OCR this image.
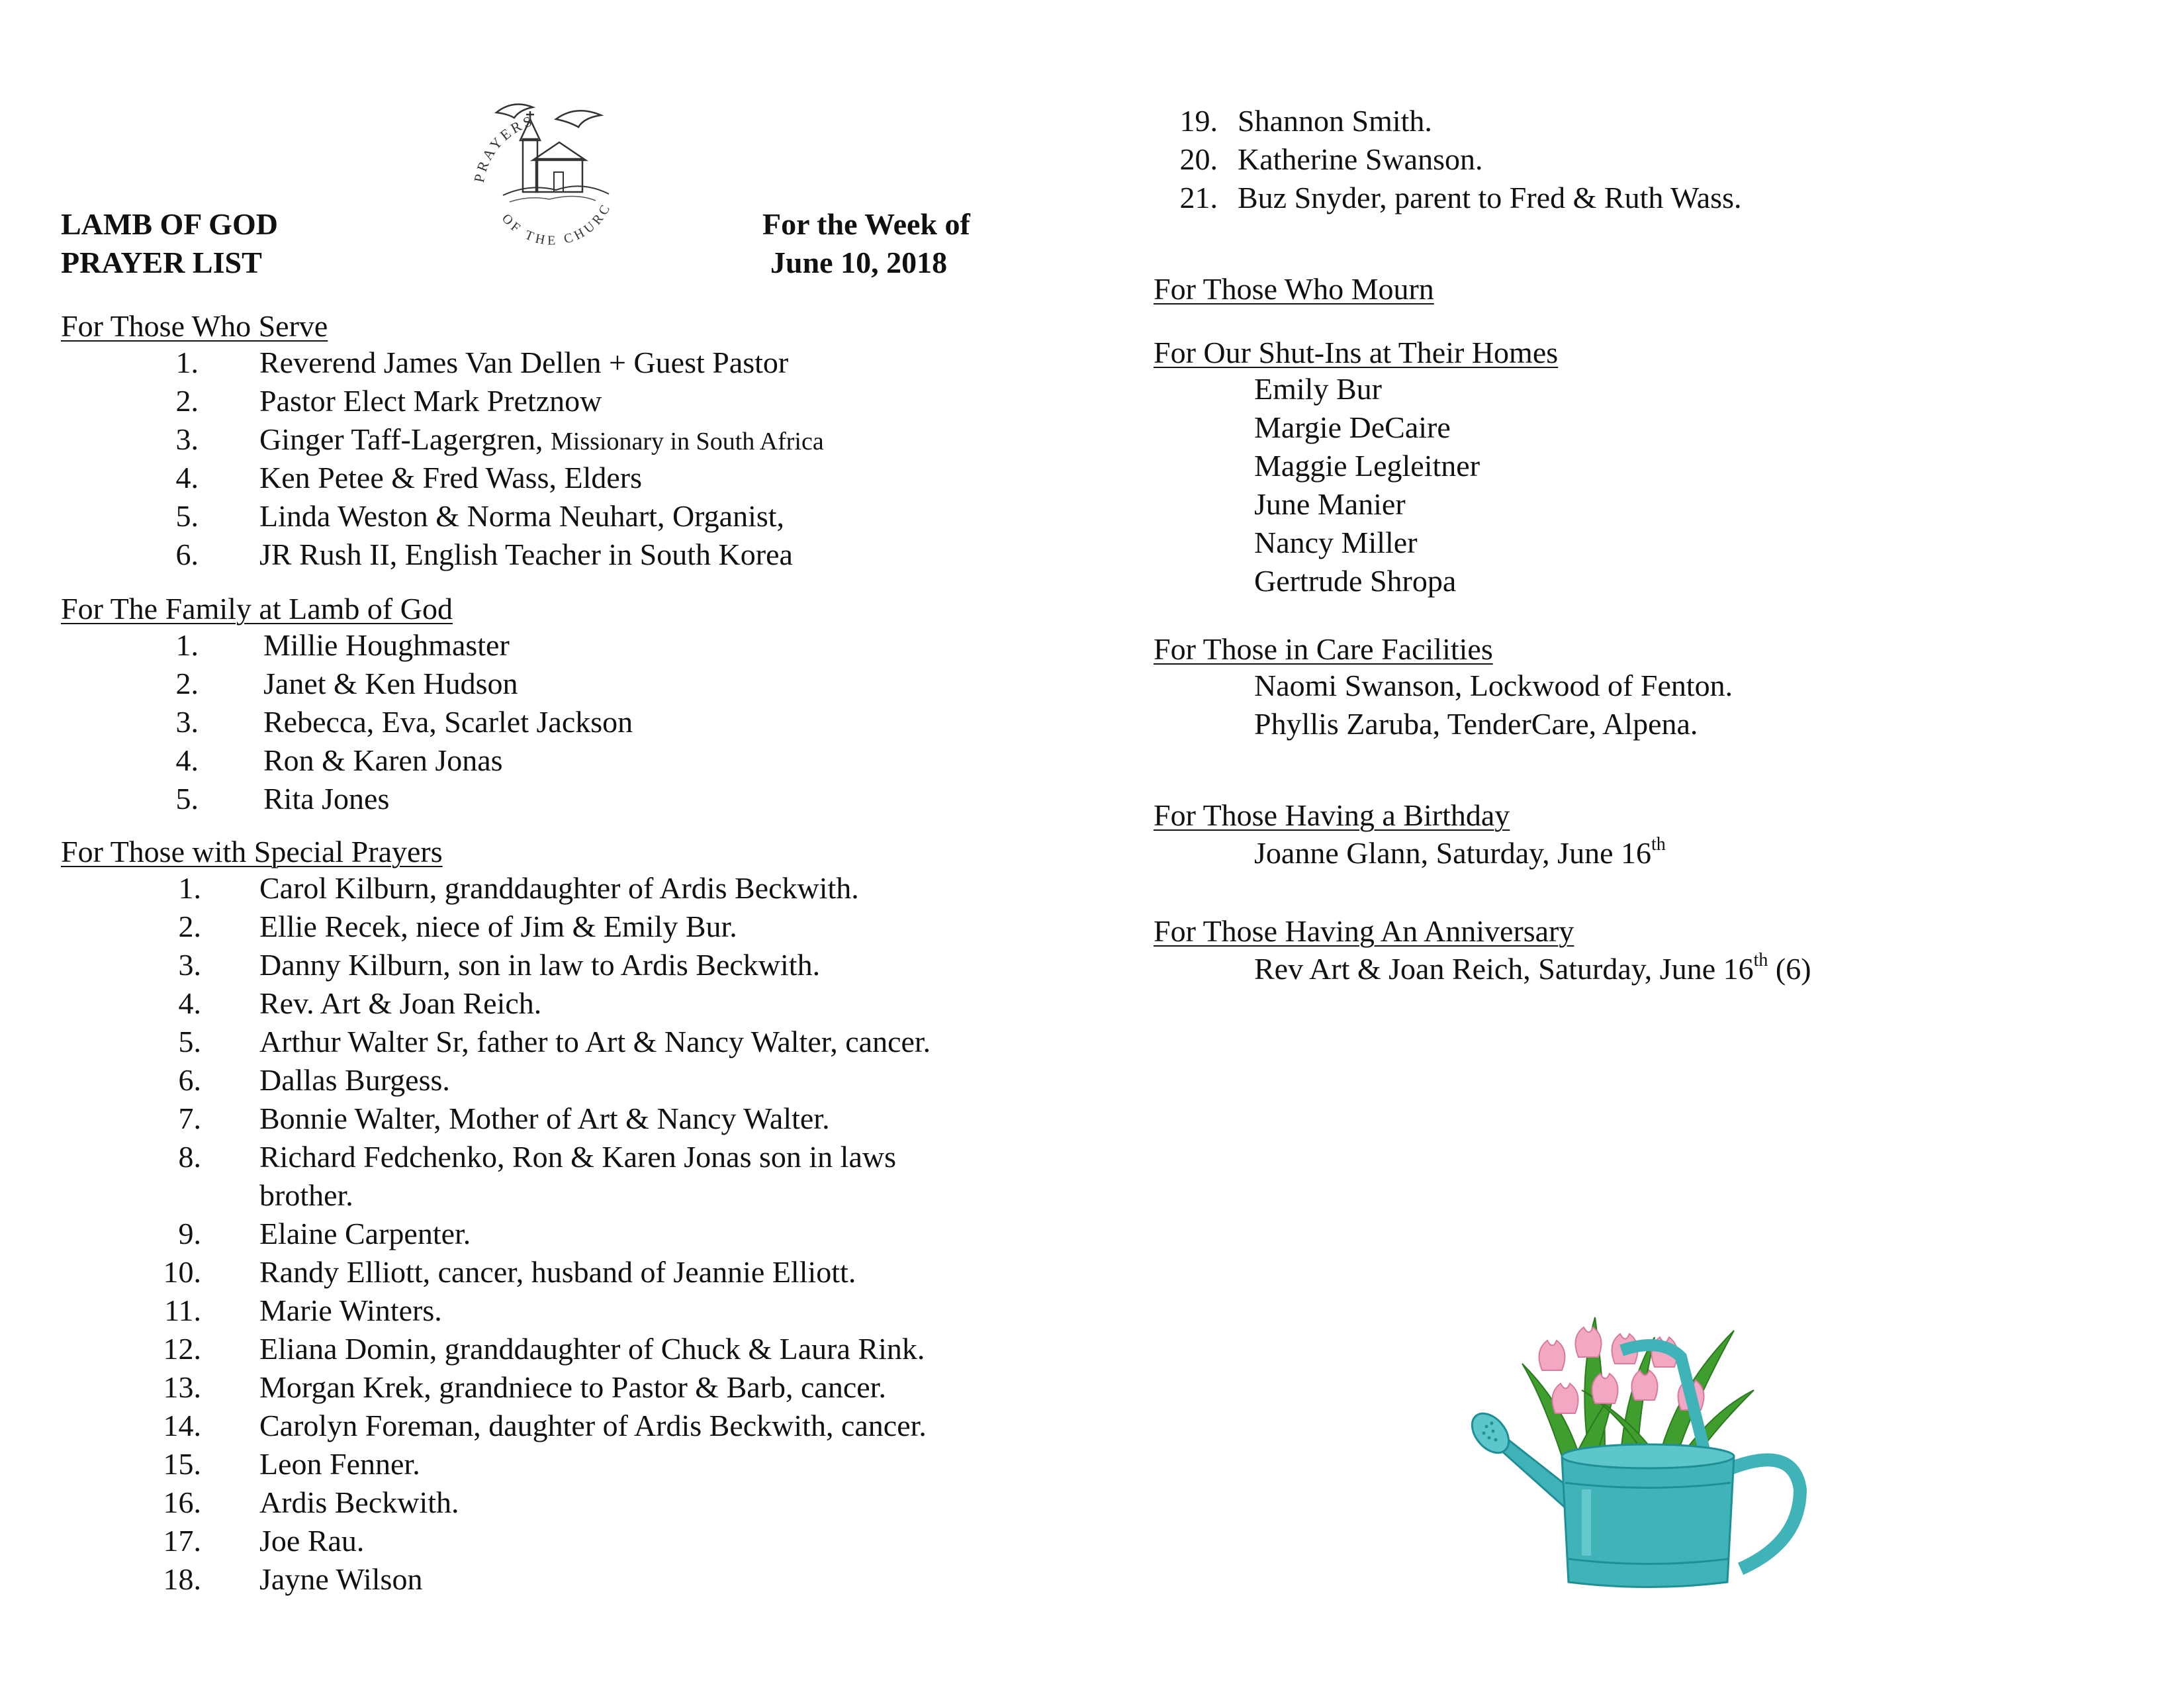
LAMB OF GOD
PRAYER LIST
For the Week of
June 10, 2018
PRAYERS
OF THE CHURC
For Those Who Serve
1. Reverend James Van Dellen + Guest Pastor
2. Pastor Elect Mark Pretznow
3. Ginger Taff-Lagergren, Missionary in South Africa
4. Ken Petee & Fred Wass, Elders
5. Linda Weston & Norma Neuhart, Organist,
6. JR Rush II, English Teacher in South Korea
For The Family at Lamb of God
1. Millie Houghmaster
2. Janet & Ken Hudson
3. Rebecca, Eva, Scarlet Jackson
4. Ron & Karen Jonas
5. Rita Jones
For Those with Special Prayers
1. Carol Kilburn, granddaughter of Ardis Beckwith.
2. Ellie Recek, niece of Jim & Emily Bur.
3. Danny Kilburn, son in law to Ardis Beckwith.
4. Rev. Art & Joan Reich.
5. Arthur Walter Sr, father to Art & Nancy Walter, cancer.
6. Dallas Burgess.
7. Bonnie Walter, Mother of Art & Nancy Walter.
8. Richard Fedchenko, Ron & Karen Jonas son in laws
brother.
9. Elaine Carpenter.
10. Randy Elliott, cancer, husband of Jeannie Elliott.
11. Marie Winters.
12. Eliana Domin, granddaughter of Chuck & Laura Rink.
13. Morgan Krek, grandniece to Pastor & Barb, cancer.
14. Carolyn Foreman, daughter of Ardis Beckwith, cancer.
15. Leon Fenner.
16. Ardis Beckwith.
17. Joe Rau.
18. Jayne Wilson
19. Shannon Smith.
20. Katherine Swanson.
21. Buz Snyder, parent to Fred & Ruth Wass.
For Those Who Mourn
For Our Shut-Ins at Their Homes
Emily Bur
Margie DeCaire
Maggie Legleitner
June Manier
Nancy Miller
Gertrude Shropa
For Those in Care Facilities
Naomi Swanson, Lockwood of Fenton.
Phyllis Zaruba, TenderCare, Alpena.
For Those Having a Birthday
Joanne Glann, Saturday, June 16th
For Those Having An Anniversary
Rev Art & Joan Reich, Saturday, June 16th (6)
